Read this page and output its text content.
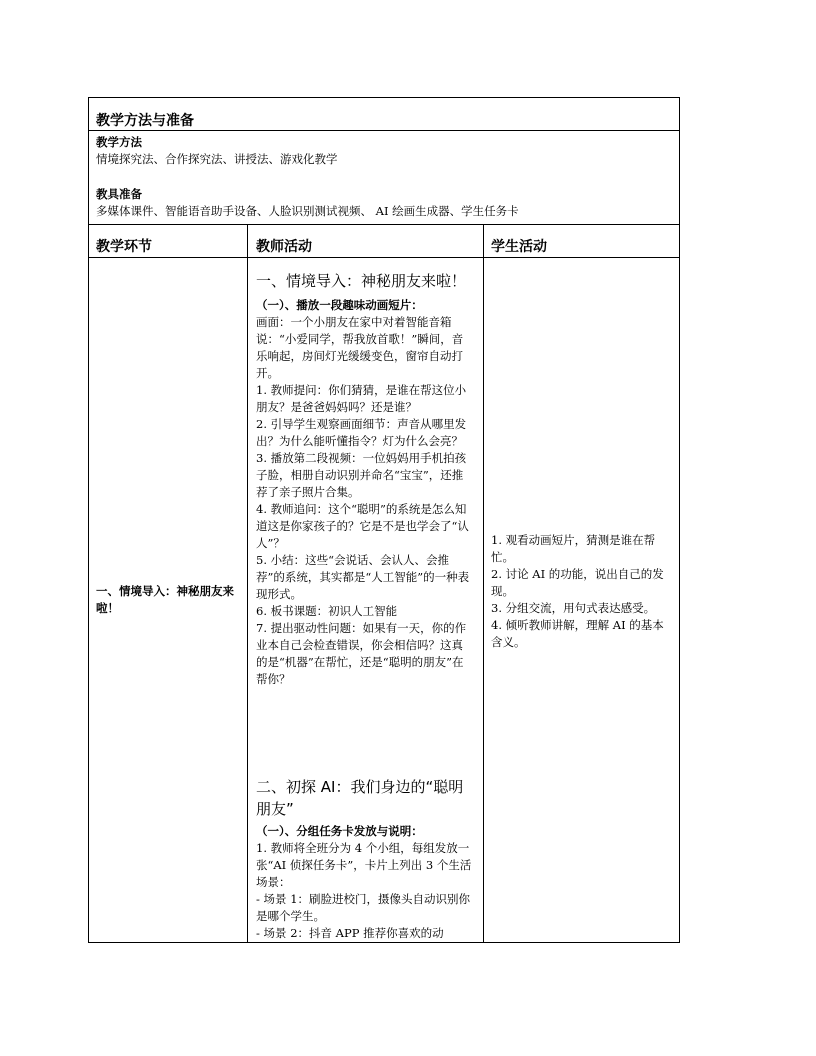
教学方法与准备
教学方法
情境探究法、合作探究法、讲授法、游戏化教学
教具准备
多媒体课件、智能语音助手设备、人脸识别测试视频、 AI 绘画生成器、学生任务卡
教学环节	教师活动	学生活动
一、情境导入：神秘朋友来啦！
一、情境导入：神秘朋友来啦！
（一）、播放一段趣味动画短片：

画面：一个小朋友在家中对着智能音箱说：“小爱同学，帮我放首歌！”瞬间，音乐响起，房间灯光缓缓变色，窗帘自动打开。

1. 教师提问：你们猜猜，是谁在帮这位小朋友？是爸爸妈妈吗？还是谁？

2. 引导学生观察画面细节：声音从哪里发出？为什么能听懂指令？灯为什么会亮？

3. 播放第二段视频：一位妈妈用手机拍孩子脸，相册自动识别并命名“宝宝”，还推荐了亲子照片合集。

4. 教师追问：这个“聪明”的系统是怎么知道这是你家孩子的？它是不是也学会了“认人”？

5. 小结：这些“会说话、会认人、会推荐”的系统，其实都是“人工智能”的一种表现形式。

6. 板书课题：初识人工智能

7. 提出驱动性问题：如果有一天，你的作业本自己会检查错误，你会相信吗？这真的是“机器”在帮忙，还是“聪明的朋友”在帮你？

二、初探 AI：我们身边的“聪明朋友”
（一）、分组任务卡发放与说明：

1. 教师将全班分为 4 个小组，每组发放一张“AI 侦探任务卡”，卡片上列出 3 个生活场景：

- 场景 1：刷脸进校门，摄像头自动识别你是哪个学生。

- 场景 2：抖音 APP 推荐你喜欢的动

1. 观看动画短片，猜测是谁在帮忙。

2. 讨论 AI 的功能，说出自己的发现。

3. 分组交流，用句式表达感受。

4. 倾听教师讲解，理解 AI 的基本含义。
